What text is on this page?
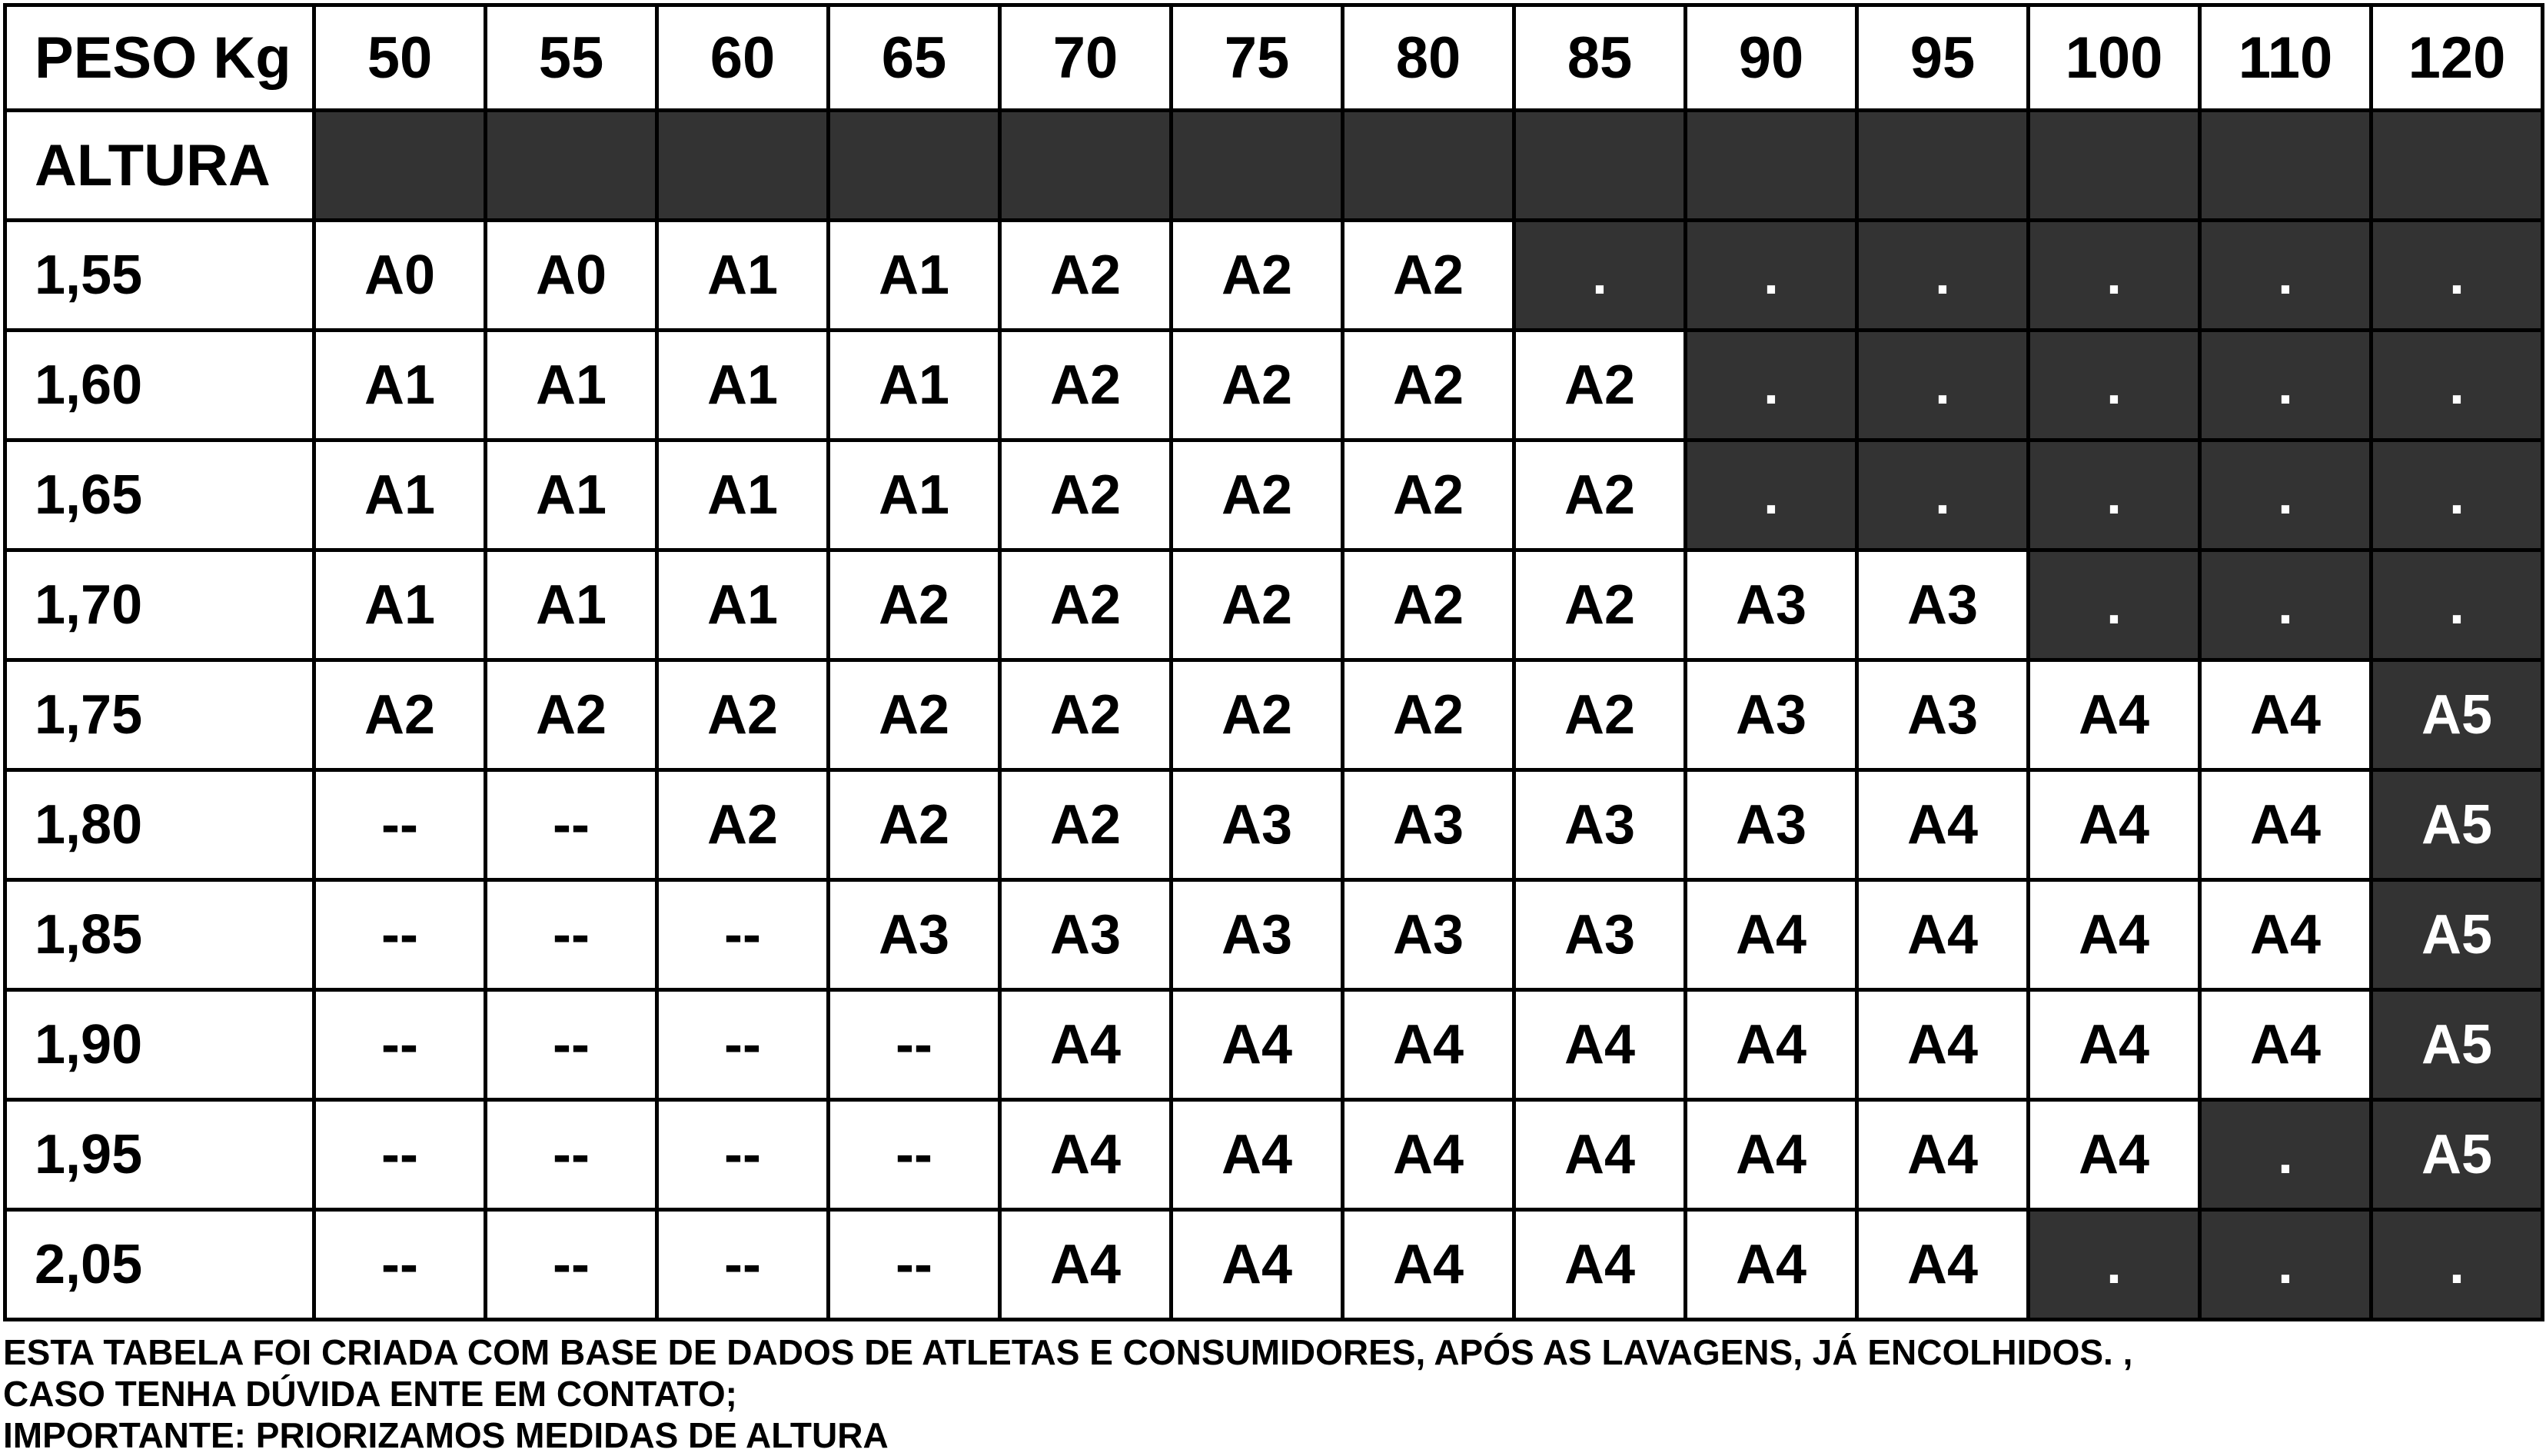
PESO Kg	50	55	60	65	70	75	80	85	90	95	100	110	120
ALTURA													
1,55	A0	A0	A1	A1	A2	A2	A2	.	.	.	.	.	.
1,60	A1	A1	A1	A1	A2	A2	A2	A2	.	.	.	.	.
1,65	A1	A1	A1	A1	A2	A2	A2	A2	.	.	.	.	.
1,70	A1	A1	A1	A2	A2	A2	A2	A2	A3	A3	.	.	.
1,75	A2	A2	A2	A2	A2	A2	A2	A2	A3	A3	A4	A4	A5
1,80	--	--	A2	A2	A2	A3	A3	A3	A3	A4	A4	A4	A5
1,85	--	--	--	A3	A3	A3	A3	A3	A4	A4	A4	A4	A5
1,90	--	--	--	--	A4	A4	A4	A4	A4	A4	A4	A4	A5
1,95	--	--	--	--	A4	A4	A4	A4	A4	A4	A4	.	A5
2,05	--	--	--	--	A4	A4	A4	A4	A4	A4	.	.	.
ESTA TABELA FOI CRIADA COM BASE DE DADOS DE ATLETAS E CONSUMIDORES, APÓS AS LAVAGENS, JÁ ENCOLHIDOS. ,
CASO TENHA DÚVIDA ENTE EM CONTATO;
IMPORTANTE: PRIORIZAMOS MEDIDAS DE ALTURA
